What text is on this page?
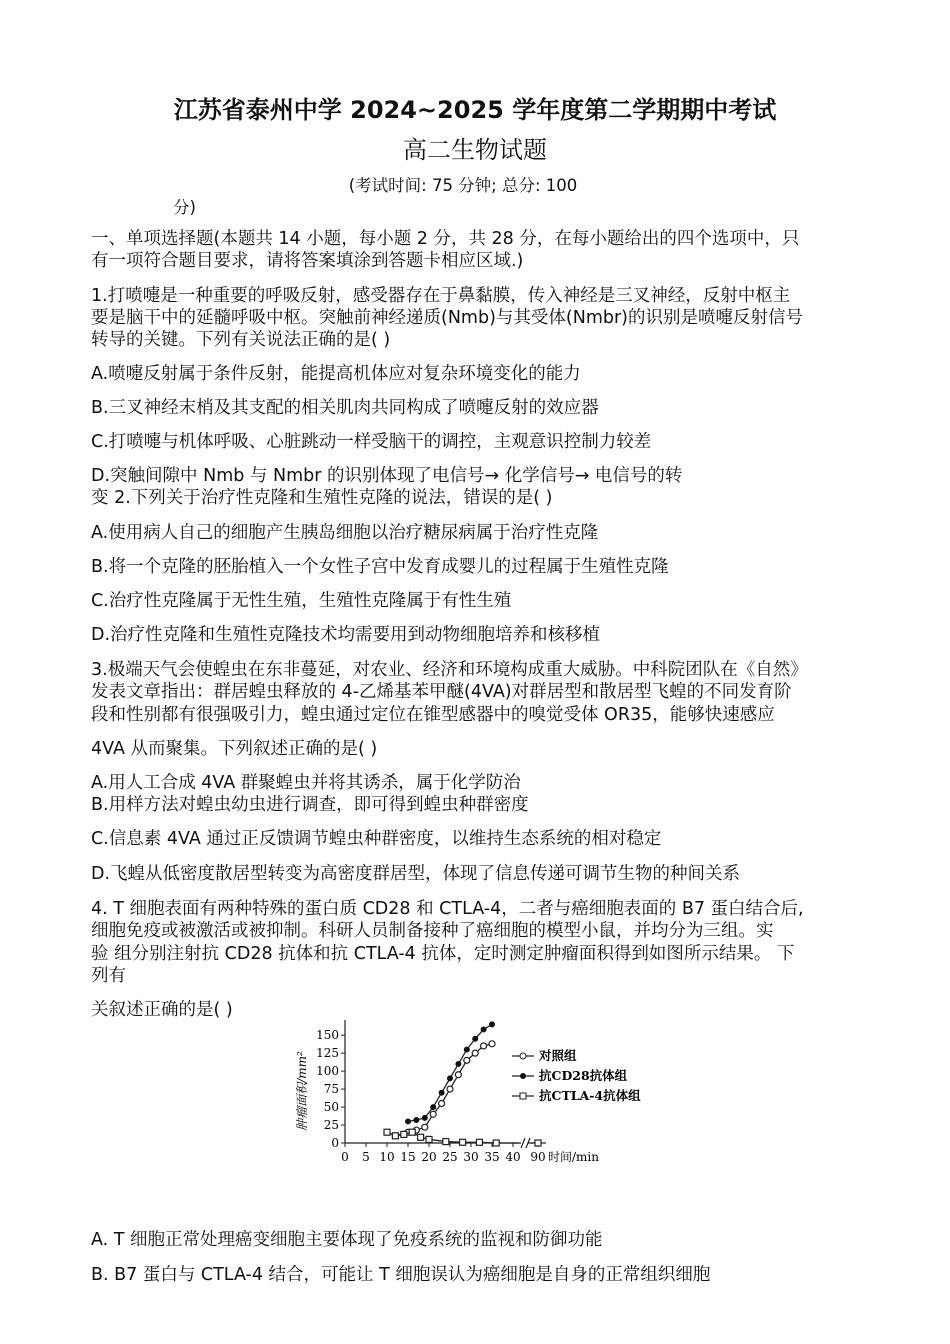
江苏省泰州中学 2024~2025 学年度第二学期期中考试
高二生物试题
(考试时间: 75 分钟; 总分: 100
分)
一、单项选择题(本题共 14 小题，每小题 2 分，共 28 分，在每小题给出的四个选项中，只
有一项符合题目要求，请将答案填涂到答题卡相应区域.)
1.打喷嚏是一种重要的呼吸反射，感受器存在于鼻黏膜，传入神经是三叉神经，反射中枢主
要是脑干中的延髓呼吸中枢。突触前神经递质(Nmb)与其受体(Nmbr)的识别是喷嚏反射信号
转导的关键。下列有关说法正确的是( )
A.喷嚏反射属于条件反射，能提高机体应对复杂环境变化的能力
B.三叉神经末梢及其支配的相关肌肉共同构成了喷嚏反射的效应器
C.打喷嚏与机体呼吸、心脏跳动一样受脑干的调控，主观意识控制力较差
D.突触间隙中 Nmb 与 Nmbr 的识别体现了电信号→ 化学信号→ 电信号的转
变 2.下列关于治疗性克隆和生殖性克隆的说法，错误的是( )
A.使用病人自己的细胞产生胰岛细胞以治疗糖尿病属于治疗性克隆
B.将一个克隆的胚胎植入一个女性子宫中发育成婴儿的过程属于生殖性克隆
C.治疗性克隆属于无性生殖，生殖性克隆属于有性生殖
D.治疗性克隆和生殖性克隆技术均需要用到动物细胞培养和核移植
3.极端天气会使蝗虫在东非蔓延，对农业、经济和环境构成重大威胁。中科院团队在《自然》
发表文章指出：群居蝗虫释放的 4-乙烯基苯甲醚(4VA)对群居型和散居型飞蝗的不同发育阶
段和性别都有很强吸引力，蝗虫通过定位在锥型感器中的嗅觉受体 OR35，能够快速感应
4VA 从而聚集。下列叙述正确的是( )
A.用人工合成 4VA 群聚蝗虫并将其诱杀，属于化学防治
B.用样方法对蝗虫幼虫进行调查，即可得到蝗虫种群密度
C.信息素 4VA 通过正反馈调节蝗虫种群密度，以维持生态系统的相对稳定
D.飞蝗从低密度散居型转变为高密度群居型，体现了信息传递可调节生物的种间关系
4. T 细胞表面有两种特殊的蛋白质 CD28 和 CTLA-4，二者与癌细胞表面的 B7 蛋白结合后,
细胞免疫或被激活或被抑制。科研人员制备接种了癌细胞的模型小鼠，并均分为三组。实
验 组分别注射抗 CD28 抗体和抗 CTLA-4 抗体，定时测定肿瘤面积得到如图所示结果。 下
列有
关叙述正确的是( )
0
25
50
75
100
125
150
0 5 10 15 20 25 30 35 40 90 时间/min
肿瘤面积/mm²	对照组
抗CD28抗体组
抗CTLA-4抗体组
A. T 细胞正常处理癌变细胞主要体现了免疫系统的监视和防御功能
B. B7 蛋白与 CTLA-4 结合，可能让 T 细胞误认为癌细胞是自身的正常组织细胞
